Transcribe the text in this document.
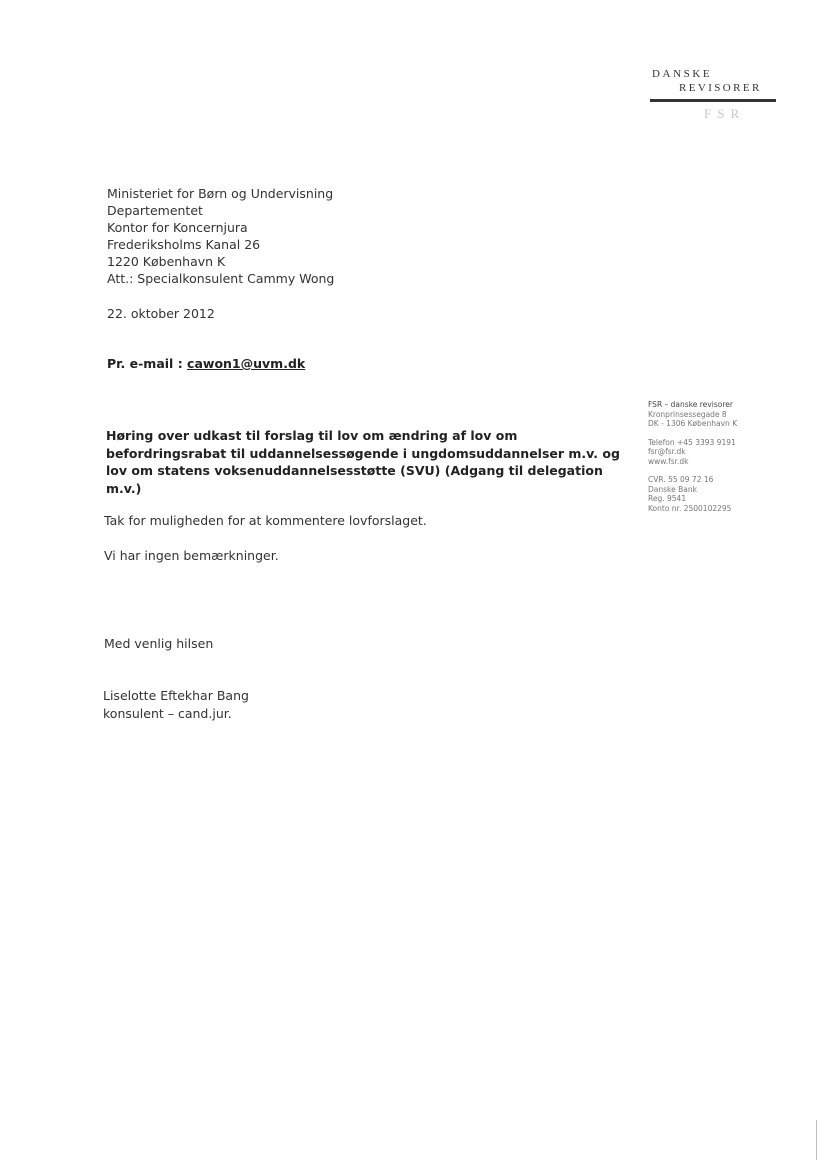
DANSKE
REVISORER
FSR
Ministeriet for Børn og Undervisning
Departementet
Kontor for Koncernjura
Frederiksholms Kanal 26
1220 København K
Att.: Specialkonsulent Cammy Wong
22. oktober 2012
Pr. e-mail : cawon1@uvm.dk
Høring over udkast til forslag til lov om ændring af lov om
befordringsrabat til uddannelsessøgende i ungdomsuddannelser m.v. og
lov om statens voksenuddannelsesstøtte (SVU) (Adgang til delegation
m.v.)
Tak for muligheden for at kommentere lovforslaget.
Vi har ingen bemærkninger.
Med venlig hilsen
Liselotte Eftekhar Bang
konsulent – cand.jur.
FSR – danske revisorer
Kronprinsessegade 8
DK - 1306 København K
Telefon +45 3393 9191
fsr@fsr.dk
www.fsr.dk
CVR. 55 09 72 16
Danske Bank
Reg. 9541
Konto nr. 2500102295
